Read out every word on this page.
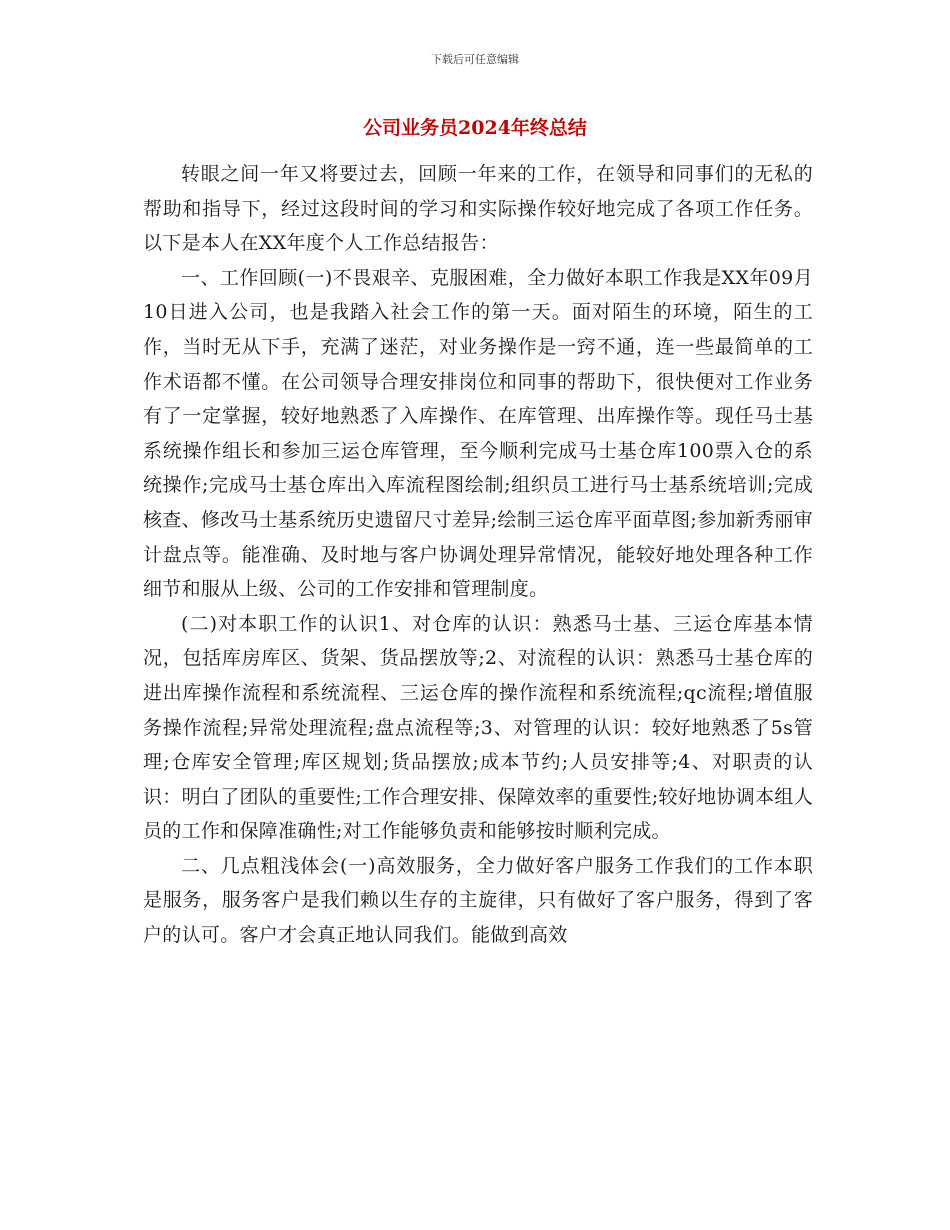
下载后可任意编辑
公司业务员2024年终总结

转眼之间一年又将要过去，回顾一年来的工作，在领导和同事们的无私的帮助和指导下，经过这段时间的学习和实际操作较好地完成了各项工作任务。以下是本人在XX年度个人工作总结报告：

一、工作回顾(一)不畏艰辛、克服困难，全力做好本职工作我是XX年09月10日进入公司，也是我踏入社会工作的第一天。面对陌生的环境，陌生的工作，当时无从下手，充满了迷茫，对业务操作是一窍不通，连一些最简单的工作术语都不懂。在公司领导合理安排岗位和同事的帮助下，很快便对工作业务有了一定掌握，较好地熟悉了入库操作、在库管理、出库操作等。现任马士基系统操作组长和参加三运仓库管理，至今顺利完成马士基仓库100票入仓的系统操作;完成马士基仓库出入库流程图绘制;组织员工进行马士基系统培训;完成核查、修改马士基系统历史遗留尺寸差异;绘制三运仓库平面草图;参加新秀丽审计盘点等。能准确、及时地与客户协调处理异常情况，能较好地处理各种工作细节和服从上级、公司的工作安排和管理制度。

(二)对本职工作的认识1、对仓库的认识：熟悉马士基、三运仓库基本情况，包括库房库区、货架、货品摆放等;2、对流程的认识：熟悉马士基仓库的进出库操作流程和系统流程、三运仓库的操作流程和系统流程;qc流程;增值服务操作流程;异常处理流程;盘点流程等;3、对管理的认识：较好地熟悉了5s管理;仓库安全管理;库区规划;货品摆放;成本节约;人员安排等;4、对职责的认识：明白了团队的重要性;工作合理安排、保障效率的重要性;较好地协调本组人员的工作和保障准确性;对工作能够负责和能够按时顺利完成。

二、几点粗浅体会(一)高效服务，全力做好客户服务工作我们的工作本职是服务，服务客户是我们赖以生存的主旋律，只有做好了客户服务，得到了客户的认可。客户才会真正地认同我们。能做到高效
